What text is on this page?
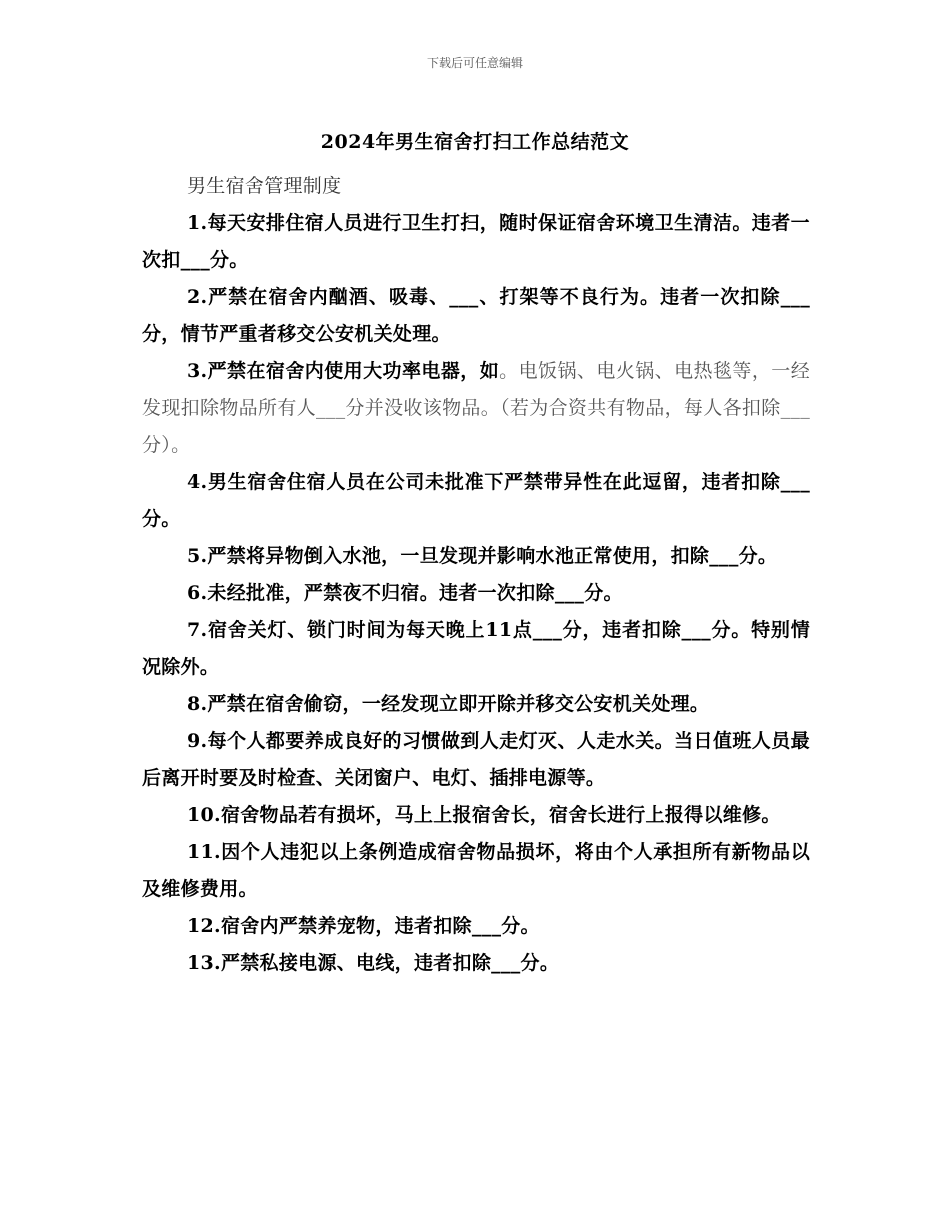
下载后可任意编辑
2024年男生宿舍打扫工作总结范文

男生宿舍管理制度

1.每天安排住宿人员进行卫生打扫，随时保证宿舍环境卫生清洁。违者一次扣___分。

2.严禁在宿舍内酗酒、吸毒、___、打架等不良行为。违者一次扣除___分，情节严重者移交公安机关处理。

3.严禁在宿舍内使用大功率电器，如。电饭锅、电火锅、电热毯等，一经发现扣除物品所有人___分并没收该物品。（若为合资共有物品，每人各扣除___分）。

4.男生宿舍住宿人员在公司未批准下严禁带异性在此逗留，违者扣除___分。

5.严禁将异物倒入水池，一旦发现并影响水池正常使用，扣除___分。

6.未经批准，严禁夜不归宿。违者一次扣除___分。

7.宿舍关灯、锁门时间为每天晚上11点___分，违者扣除___分。特别情况除外。

8.严禁在宿舍偷窃，一经发现立即开除并移交公安机关处理。

9.每个人都要养成良好的习惯做到人走灯灭、人走水关。当日值班人员最后离开时要及时检查、关闭窗户、电灯、插排电源等。

10.宿舍物品若有损坏，马上上报宿舍长，宿舍长进行上报得以维修。

11.因个人违犯以上条例造成宿舍物品损坏，将由个人承担所有新物品以及维修费用。

12.宿舍内严禁养宠物，违者扣除___分。

13.严禁私接电源、电线，违者扣除___分。
